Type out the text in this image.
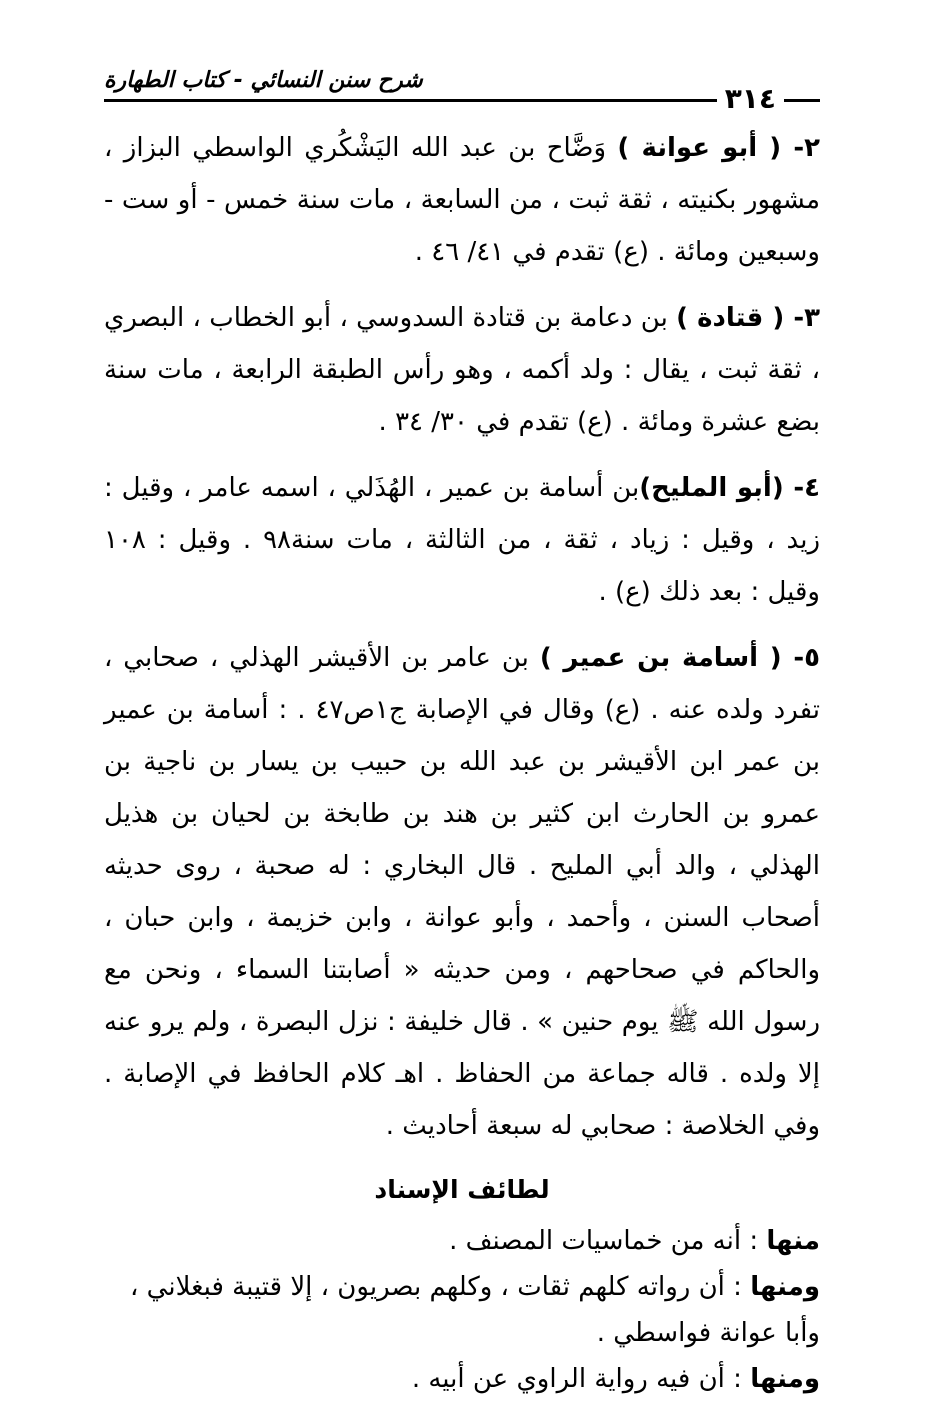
٣١٤
شرح سنن النسائي - كتاب الطهارة

٢- ( أبو عوانة ) وَضَّاح بن عبد الله اليَشْكُري الواسطي البزاز ، مشهور بكنيته ، ثقة ثبت ، من السابعة ، مات سنة خمس - أو ست - وسبعين ومائة . (ع) تقدم في ٤١/ ٤٦ .

٣- ( قتادة ) بن دعامة بن قتادة السدوسي ، أبو الخطاب ، البصري ، ثقة ثبت ، يقال : ولد أكمه ، وهو رأس الطبقة الرابعة ، مات سنة بضع عشرة ومائة . (ع) تقدم في ٣٠/ ٣٤ .

٤- (أبو المليح)بن أسامة بن عمير ، الهُذَلي ، اسمه عامر ، وقيل : زيد ، وقيل : زياد ، ثقة ، من الثالثة ، مات سنة٩٨ . وقيل : ١٠٨ وقيل : بعد ذلك (ع) .

٥- ( أسامة بن عمير ) بن عامر بن الأقيشر الهذلي ، صحابي ، تفرد ولده عنه . (ع) وقال في الإصابة ج١ص٤٧ . : أسامة بن عمير بن عمر ابن الأقيشر بن عبد الله بن حبيب بن يسار بن ناجية بن عمرو بن الحارث ابن كثير بن هند بن طابخة بن لحيان بن هذيل الهذلي ، والد أبي المليح . قال البخاري : له صحبة ، روى حديثه أصحاب السنن ، وأحمد ، وأبو عوانة ، وابن خزيمة ، وابن حبان ، والحاكم في صحاحهم ، ومن حديثه « أصابتنا السماء ، ونحن مع رسول الله ﷺ يوم حنين » . قال خليفة : نزل البصرة ، ولم يرو عنه إلا ولده . قاله جماعة من الحفاظ . اهـ كلام الحافظ في الإصابة . وفي الخلاصة : صحابي له سبعة أحاديث .

لطائف الإسناد

منها : أنه من خماسيات المصنف .

ومنها : أن رواته كلهم ثقات ، وكلهم بصريون ، إلا قتيبة فبغلاني ، وأبا عوانة فواسطي .

ومنها : أن فيه رواية الراوي عن أبيه .
